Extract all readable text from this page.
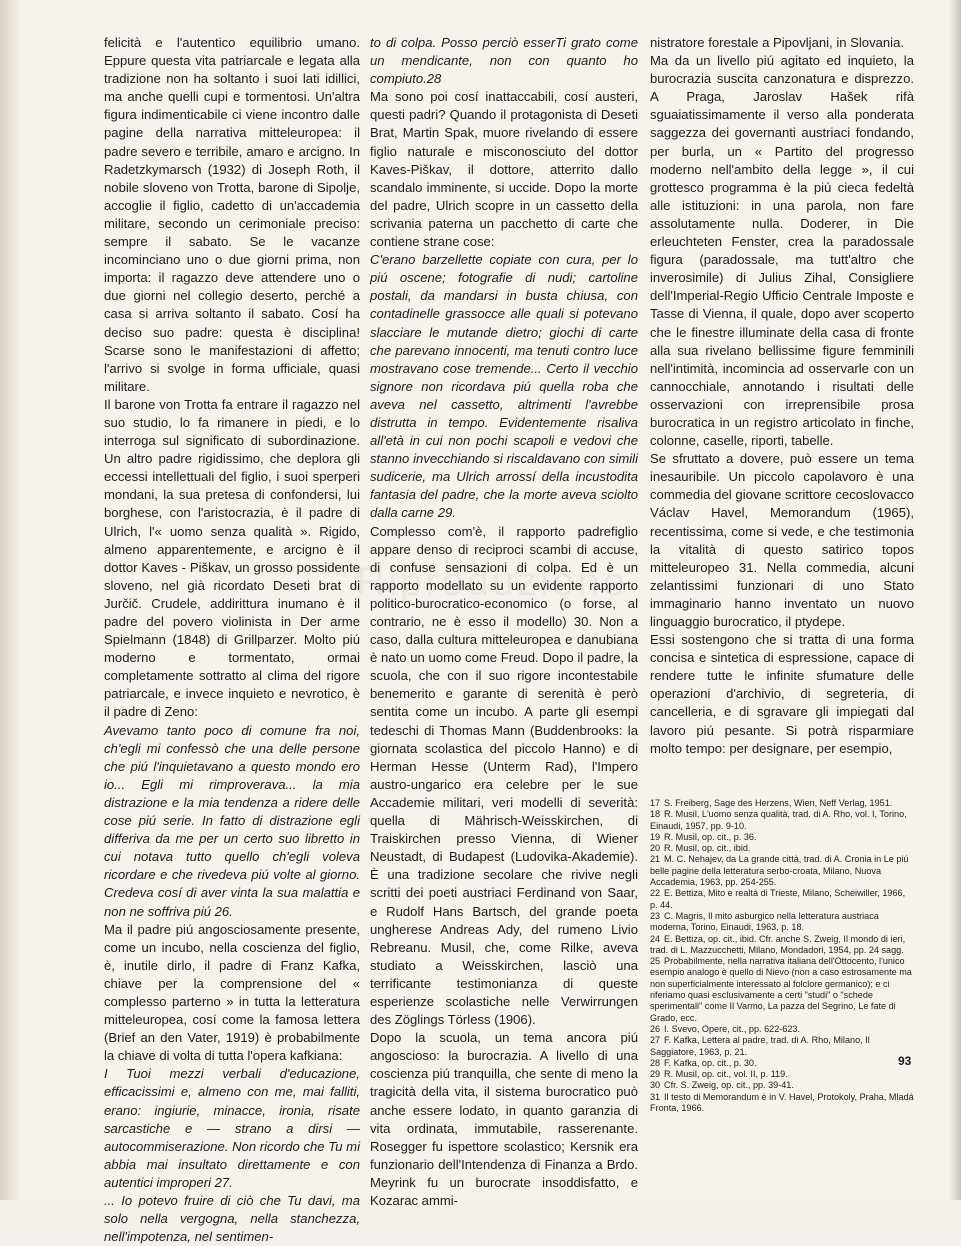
felicità e l'autentico equilibrio umano. Eppure questa vita patriarcale e legata alla tradizione non ha soltanto i suoi lati idillici, ma anche quelli cupi e tormentosi. Un'altra figura indimenticabile ci viene incontro dalle pagine della narrativa mitteleuropea: il padre severo e terribile, amaro e arcigno. In Radetzkymarsch (1932) di Joseph Roth, il nobile sloveno von Trotta, barone di Sipolje, accoglie il figlio, cadetto di un'accademia militare, secondo un cerimoniale preciso: sempre il sabato. Se le vacanze incominciano uno o due giorni prima, non importa: il ragazzo deve attendere uno o due giorni nel collegio deserto, perché a casa si arriva soltanto il sabato. Cosí ha deciso suo padre: questa è disciplina! Scarse sono le manifestazioni di affetto; l'arrivo si svolge in forma ufficiale, quasi militare.

Il barone von Trotta fa entrare il ragazzo nel suo studio, lo fa rimanere in piedi, e lo interroga sul significato di subordinazione. Un altro padre rigidissimo, che deplora gli eccessi intellettuali del figlio, i suoi sperperi mondani, la sua pretesa di confondersi, lui borghese, con l'aristocrazia, è il padre di Ulrich, l'« uomo senza qualità ». Rigido, almeno apparentemente, e arcigno è il dottor Kaves - Piškav, un grosso possidente sloveno, nel già ricordato Deseti brat di Jurčič. Crudele, addirittura inumano è il padre del povero violinista in Der arme Spielmann (1848) di Grillparzer. Molto piú moderno e tormentato, ormai completamente sottratto al clima del rigore patriarcale, e invece inquieto e nevrotico, è il padre di Zeno:

Avevamo tanto poco di comune fra noi, ch'egli mi confessò che una delle persone che piú l'inquietavano a questo mondo ero io... Egli mi rimproverava... la mia distrazione e la mia tendenza a ridere delle cose piú serie. In fatto di distrazione egli differiva da me per un certo suo libretto in cui notava tutto quello ch'egli voleva ricordare e che rivedeva piú volte al giorno. Credeva cosí di aver vinta la sua malattia e non ne soffriva piú 26.

Ma il padre piú angosciosamente presente, come un incubo, nella coscienza del figlio, è, inutile dirlo, il padre di Franz Kafka, chiave per la comprensione del « complesso parterno » in tutta la letteratura mitteleuropea, cosí come la famosa lettera (Brief an den Vater, 1919) è probabilmente la chiave di volta di tutta l'opera kafkiana:

I Tuoi mezzi verbali d'educazione, efficacissimi e, almeno con me, mai falliti, erano: ingiurie, minacce, ironia, risate sarcastiche e — strano a dirsi — autocommiserazione. Non ricordo che Tu mi abbia mai insultato direttamente e con autentici improperi 27.

... Io potevo fruire di ciò che Tu davi, ma solo nella vergogna, nella stanchezza, nell'impotenza, nel sentimen-

to di colpa. Posso perciò esserTi grato come un mendicante, non con quanto ho compiuto.28

Ma sono poi cosí inattaccabili, cosí austeri, questi padri? Quando il protagonista di Deseti Brat, Martin Spak, muore rivelando di essere figlio naturale e misconosciuto del dottor Kaves-Piškav, il dottore, atterrito dallo scandalo imminente, si uccide. Dopo la morte del padre, Ulrich scopre in un cassetto della scrivania paterna un pacchetto di carte che contiene strane cose:

C'erano barzellette copiate con cura, per lo piú oscene; fotografie di nudi; cartoline postali, da mandarsi in busta chiusa, con contadinelle grassocce alle quali si potevano slacciare le mutande dietro; giochi di carte che parevano innocenti, ma tenuti contro luce mostravano cose tremende... Certo il vecchio signore non ricordava piú quella roba che aveva nel cassetto, altrimenti l'avrebbe distrutta in tempo. Evidentemente risaliva all'età in cui non pochi scapoli e vedovi che stanno invecchiando si riscaldavano con simili sudicerie, ma Ulrich arrossí della incustodita fantasia del padre, che la morte aveva sciolto dalla carne 29.

Complesso com'è, il rapporto padrefiglio appare denso di reciproci scambi di accuse, di confuse sensazioni di colpa. Ed è un rapporto modellato su un evidente rapporto politico-burocratico-economico (o forse, al contrario, ne è esso il modello) 30. Non a caso, dalla cultura mitteleuropea e danubiana è nato un uomo come Freud. Dopo il padre, la scuola, che con il suo rigore incontestabile benemerito e garante di serenità è però sentita come un incubo. A parte gli esempi tedeschi di Thomas Mann (Buddenbrooks: la giornata scolastica del piccolo Hanno) e di Herman Hesse (Unterm Rad), l'Impero austro-ungarico era celebre per le sue Accademie militari, veri modelli di severità: quella di Mährisch-Weisskirchen, di Traiskirchen presso Vienna, di Wiener Neustadt, di Budapest (Ludovika-Akademie). È una tradizione secolare che rivive negli scritti dei poeti austriaci Ferdinand von Saar, e Rudolf Hans Bartsch, del grande poeta ungherese Andreas Ady, del rumeno Livio Rebreanu. Musil, che, come Rilke, aveva studiato a Weisskirchen, lasciò una terrificante testimonianza di queste esperienze scolastiche nelle Verwirrungen des Zöglings Törless (1906).

Dopo la scuola, un tema ancora piú angoscioso: la burocrazia. A livello di una coscienza piú tranquilla, che sente di meno la tragicità della vita, il sistema burocratico può anche essere lodato, in quanto garanzia di vita ordinata, immutabile, rasserenante. Rosegger fu ispettore scolastico; Kersnik era funzionario dell'Intendenza di Finanza a Brdo. Meyrink fu un burocrate insoddisfatto, e Kozarac ammi-

nistratore forestale a Pipovljani, in Slovania.

Ma da un livello piú agitato ed inquieto, la burocrazia suscita canzonatura e disprezzo. A Praga, Jaroslav Hašek rifà sguaiatissimamente il verso alla ponderata saggezza dei governanti austriaci fondando, per burla, un « Partito del progresso moderno nell'ambito della legge », il cui grottesco programma è la piú cieca fedeltà alle istituzioni: in una parola, non fare assolutamente nulla. Doderer, in Die erleuchteten Fenster, crea la paradossale figura (paradossale, ma tutt'altro che inverosimile) di Julius Zihal, Consigliere dell'Imperial-Regio Ufficio Centrale Imposte e Tasse di Vienna, il quale, dopo aver scoperto che le finestre illuminate della casa di fronte alla sua rivelano bellissime figure femminili nell'intimità, incomincia ad osservarle con un cannocchiale, annotando i risultati delle osservazioni con irreprensibile prosa burocratica in un registro articolato in finche, colonne, caselle, riporti, tabelle.

Se sfruttato a dovere, può essere un tema inesauribile. Un piccolo capolavoro è una commedia del giovane scrittore cecoslovacco Václav Havel, Memorandum (1965), recentissima, come si vede, e che testimonia la vitalità di questo satirico topos mitteleuropeo 31. Nella commedia, alcuni zelantissimi funzionari di uno Stato immaginario hanno inventato un nuovo linguaggio burocratico, il ptydepe.

Essi sostengono che si tratta di una forma concisa e sintetica di espressione, capace di rendere tutte le infinite sfumature delle operazioni d'archivio, di segreteria, di cancelleria, e di sgravare gli impiegati dal lavoro piú pesante. Si potrà risparmiare molto tempo: per designare, per esempio,

17 S. Freiberg, Sage des Herzens, Wien, Neff Verlag, 1951.

18 R. Musil, L'uomo senza qualità, trad. di A. Rho, vol. I, Torino, Einaudi, 1957, pp. 9-10.

19 R. Musil, op. cit., p. 36.

20 R. Musil, op. cit., ibid.

21 M. C. Nehajev, da La grande città, trad. di A. Cronia in Le piú belle pagine della letteratura serbo-croata, Milano, Nuova Accademia, 1963, pp. 254-255.

22 E. Bettiza, Mito e realtà di Trieste, Milano, Scheiwiller, 1966, p. 44.

23 C. Magris, Il mito asburgico nella letteratura austriaca moderna, Torino, Einaudi, 1963, p. 18.

24 E. Bettiza, op. cit., ibid. Cfr. anche S. Zweig, Il mondo di ieri, trad. di L. Mazzucchetti, Milano, Mondadori, 1954, pp. 24 sagg.

25 Probabilmente, nella narrativa italiana dell'Ottocento, l'unico esempio analogo è quello di Nievo (non a caso estrosamente ma non superficialmente interessato al folclore germanico); e ci riferiamo quasi esclusivamente a certi "studi" o "schede sperimentali" come Il Varmo, La pazza del Segrino, Le fate di Grado, ecc.

26 I. Svevo, Opere, cit., pp. 622-623.

27 F. Kafka, Lettera al padre, trad. di A. Rho, Milano, Il Saggiatore, 1963, p. 21.

28 F. Kafka, op. cit., p. 30.

29 R. Musil, op. cit., vol. II, p. 119.

30 Cfr. S. Zweig, op. cit., pp. 39-41.

31 Il testo di Memorandum è in V. Havel, Protokoly, Praha, Mladá Fronta, 1966.

93
